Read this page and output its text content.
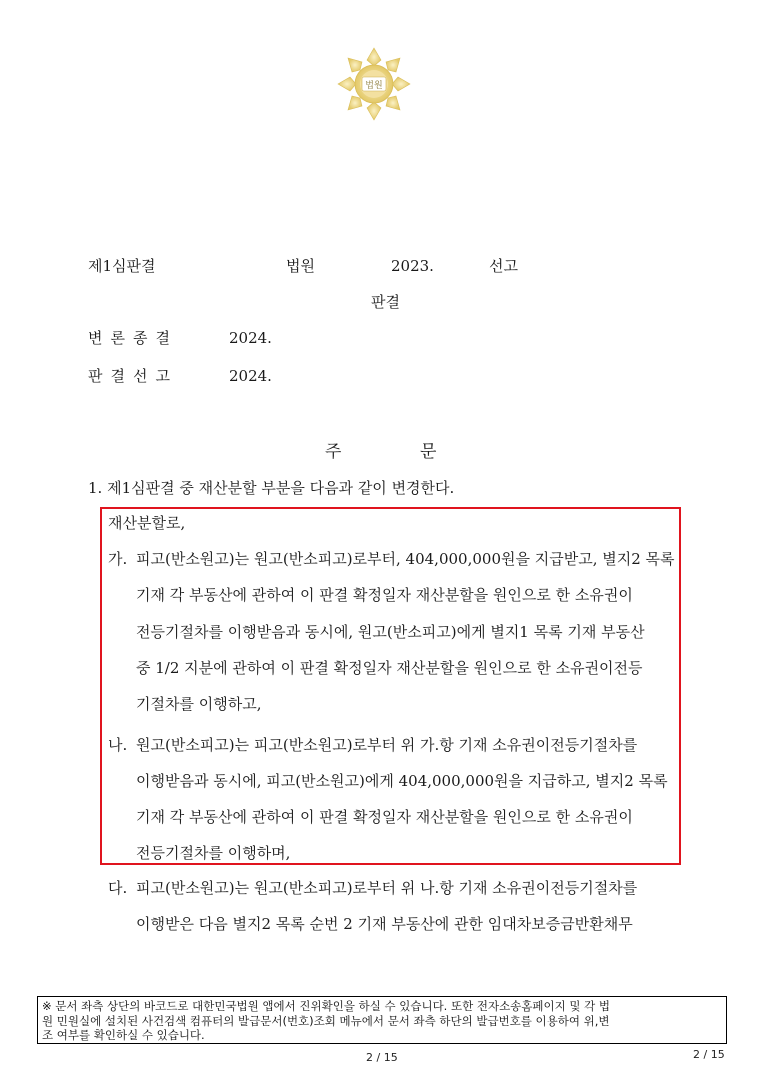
법원
제1심판결	법원	2023.	선고
판결
변론종결	2024.
판결선고	2024.
주	문
1. 제1심판결 중 재산분할 부분을 다음과 같이 변경한다.
재산분할로,
가. 피고(반소원고)는 원고(반소피고)로부터, 404,000,000원을 지급받고, 별지2 목록
기재 각 부동산에 관하여 이 판결 확정일자 재산분할을 원인으로 한 소유권이
전등기절차를 이행받음과 동시에, 원고(반소피고)에게 별지1 목록 기재 부동산
중 1/2 지분에 관하여 이 판결 확정일자 재산분할을 원인으로 한 소유권이전등
기절차를 이행하고,
나. 원고(반소피고)는 피고(반소원고)로부터 위 가.항 기재 소유권이전등기절차를
이행받음과 동시에, 피고(반소원고)에게 404,000,000원을 지급하고, 별지2 목록
기재 각 부동산에 관하여 이 판결 확정일자 재산분할을 원인으로 한 소유권이
전등기절차를 이행하며,
다. 피고(반소원고)는 원고(반소피고)로부터 위 나.항 기재 소유권이전등기절차를
이행받은 다음 별지2 목록 순번 2 기재 부동산에 관한 임대차보증금반환채무
※ 문서 좌측 상단의 바코드로 대한민국법원 앱에서 진위확인을 하실 수 있습니다. 또한 전자소송홈페이지 및 각 법
원 민원실에 설치된 사건검색 컴퓨터의 발급문서(번호)조회 메뉴에서 문서 좌측 하단의 발급번호를 이용하여 위,변
조 여부를 확인하실 수 있습니다.
2 / 15	2 / 15
